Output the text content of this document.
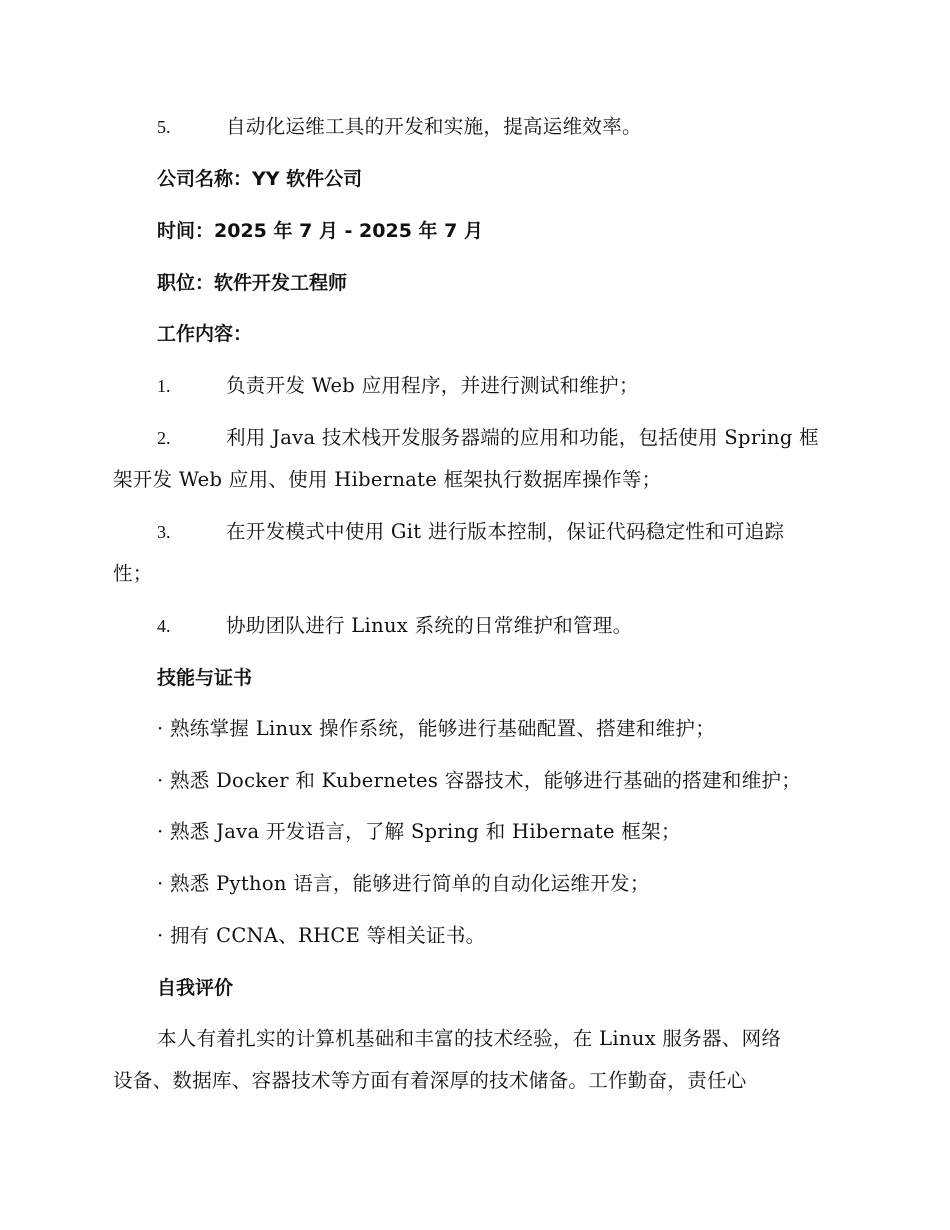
5.	自动化运维工具的开发和实施，提高运维效率。
公司名称：YY 软件公司
时间：2025 年 7 月 - 2025 年 7 月
职位：软件开发工程师
工作内容：
1.	负责开发 Web 应用程序，并进行测试和维护；
2.	利用 Java 技术栈开发服务器端的应用和功能，包括使用 Spring 框
架开发 Web 应用、使用 Hibernate 框架执行数据库操作等；
3.	在开发模式中使用 Git 进行版本控制，保证代码稳定性和可追踪
性；
4.	协助团队进行 Linux 系统的日常维护和管理。
技能与证书
· 熟练掌握 Linux 操作系统，能够进行基础配置、搭建和维护；
· 熟悉 Docker 和 Kubernetes 容器技术，能够进行基础的搭建和维护；
· 熟悉 Java 开发语言，了解 Spring 和 Hibernate 框架；
· 熟悉 Python 语言，能够进行简单的自动化运维开发；
· 拥有 CCNA、RHCE 等相关证书。
自我评价
本人有着扎实的计算机基础和丰富的技术经验，在 Linux 服务器、网络
设备、数据库、容器技术等方面有着深厚的技术储备。工作勤奋，责任心
